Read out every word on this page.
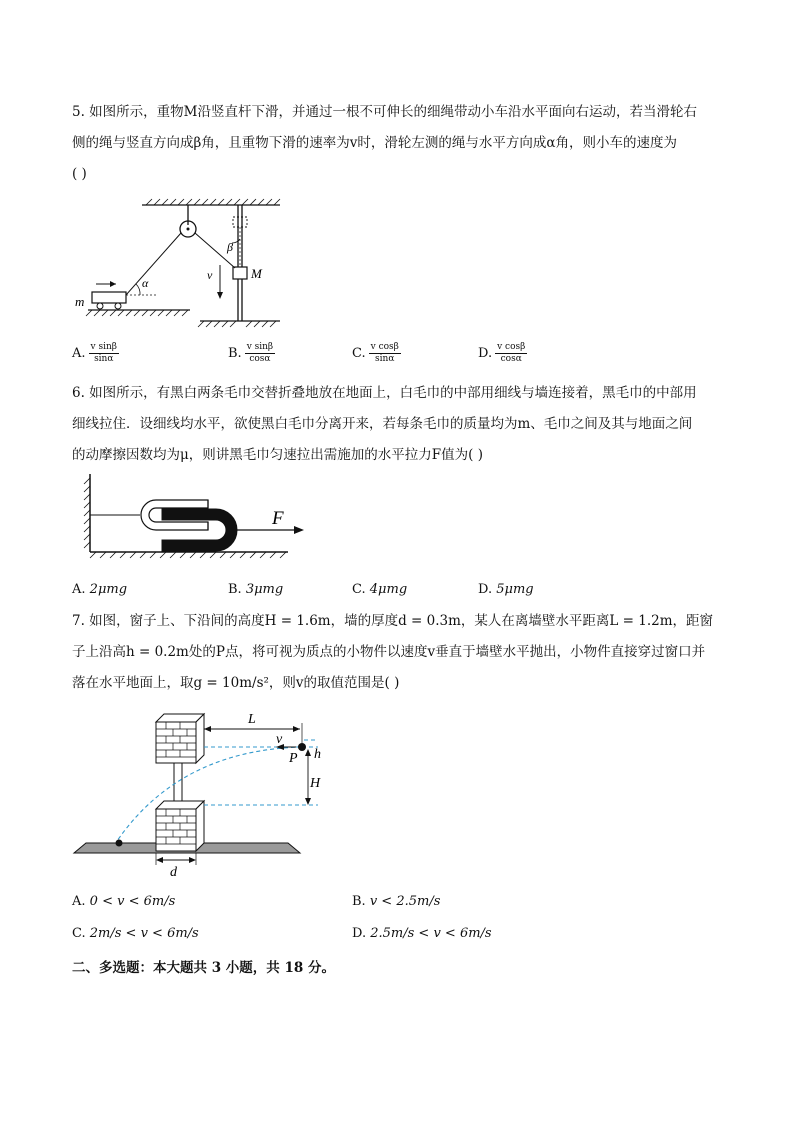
5. 如图所示，重物M沿竖直杆下滑，并通过一根不可伸长的细绳带动小车沿水平面向右运动，若当滑轮右
侧的绳与竖直方向成β角，且重物下滑的速率为v时，滑轮左测的绳与水平方向成α角，则小车的速度为
( )
m
α
β
v	M
A. $\frac{\text{v sinβ}}{\sin\alpha}$	B. $\frac{\text{v sinβ}}{\cos\alpha}$	C. $\frac{\text{v cosβ}}{\sin\alpha}$	D. $\frac{\text{v cosβ}}{\cos\alpha}$
6. 如图所示，有黑白两条毛巾交替折叠地放在地面上，白毛巾的中部用细线与墙连接着，黑毛巾的中部用
细线拉住．设细线均水平，欲使黑白毛巾分离开来，若每条毛巾的质量均为m、毛巾之间及其与地面之间
的动摩擦因数均为μ，则讲黑毛巾匀速拉出需施加的水平拉力F值为( )
F
A. 2μmg	B. 3μmg	C. 4μmg	D. 5μmg
7. 如图，窗子上、下沿间的高度H = 1.6m，墙的厚度d = 0.3m，某人在离墙壁水平距离L = 1.2m，距窗
子上沿高h = 0.2m处的P点，将可视为质点的小物件以速度v垂直于墙壁水平抛出，小物件直接穿过窗口并
落在水平地面上，取g = 10m/s²，则v的取值范围是( )
L
v
P h
H
d
A. 0 < v < 6m/s	B. v < 2.5m/s
C. 2m/s < v < 6m/s	D. 2.5m/s < v < 6m/s
二、多选题：本大题共 3 小题，共 18 分。
